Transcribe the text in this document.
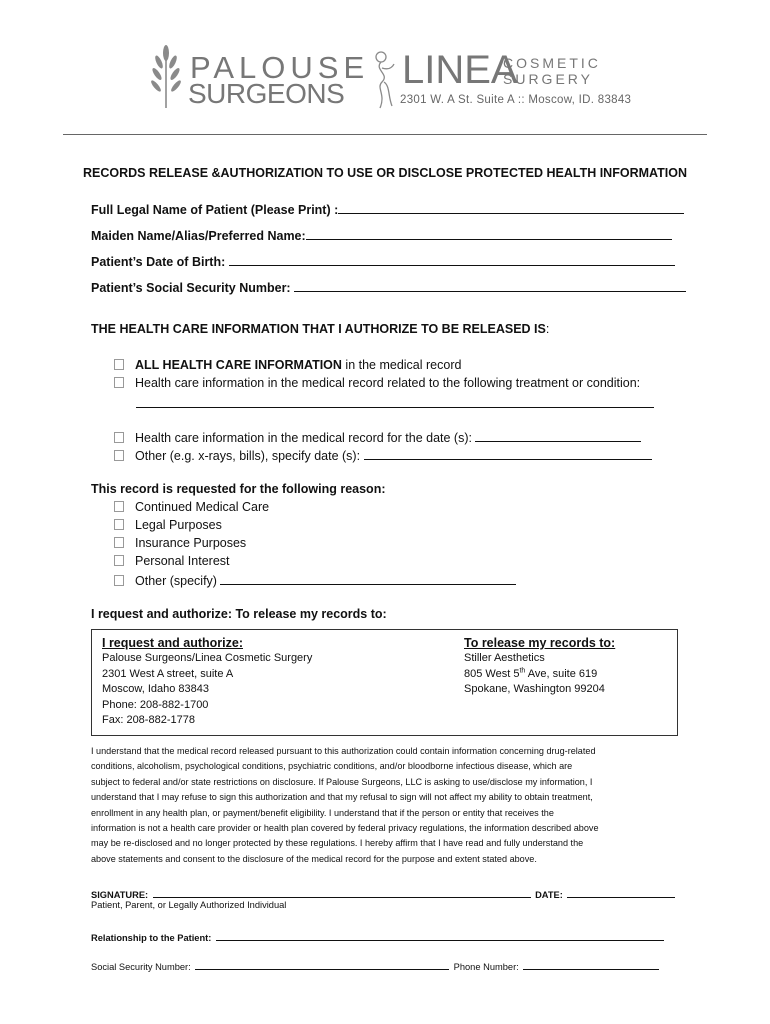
PALOUSE
SURGEONS
LINEA
COSMETIC
SURGERY
2301 W. A St. Suite A :: Moscow, ID. 83843
RECORDS RELEASE &AUTHORIZATION TO USE OR DISCLOSE PROTECTED HEALTH INFORMATION
Full Legal Name of Patient (Please Print) :
Maiden Name/Alias/Preferred Name:
Patient’s Date of Birth:
Patient’s Social Security Number:
THE HEALTH CARE INFORMATION THAT I AUTHORIZE TO BE RELEASED IS:
ALL HEALTH CARE INFORMATION in the medical record
Health care information in the medical record related to the following treatment or condition:
Health care information in the medical record for the date (s):
Other (e.g. x-rays, bills), specify date (s):
This record is requested for the following reason:
Continued Medical Care
Legal Purposes
Insurance Purposes
Personal Interest
Other (specify)
I request and authorize: To release my records to:
I request and authorize:
Palouse Surgeons/Linea Cosmetic Surgery
2301 West A street, suite A
Moscow, Idaho 83843
Phone: 208-882-1700
Fax: 208-882-1778
To release my records to:
Stiller Aesthetics
805 West 5th Ave, suite 619
Spokane, Washington 99204
I understand that the medical record released pursuant to this authorization could contain information concerning drug-related
conditions, alcoholism, psychological conditions, psychiatric conditions, and/or bloodborne infectious disease, which are
subject to federal and/or state restrictions on disclosure. If Palouse Surgeons, LLC is asking to use/disclose my information, I
understand that I may refuse to sign this authorization and that my refusal to sign will not affect my ability to obtain treatment,
enrollment in any health plan, or payment/benefit eligibility. I understand that if the person or entity that receives the
information is not a health care provider or health plan covered by federal privacy regulations, the information described above
may be re-disclosed and no longer protected by these regulations. I hereby affirm that I have read and fully understand the
above statements and consent to the disclosure of the medical record for the purpose and extent stated above.
SIGNATURE:	DATE:
Patient, Parent, or Legally Authorized Individual
Relationship to the Patient:
Social Security Number:	Phone Number:
